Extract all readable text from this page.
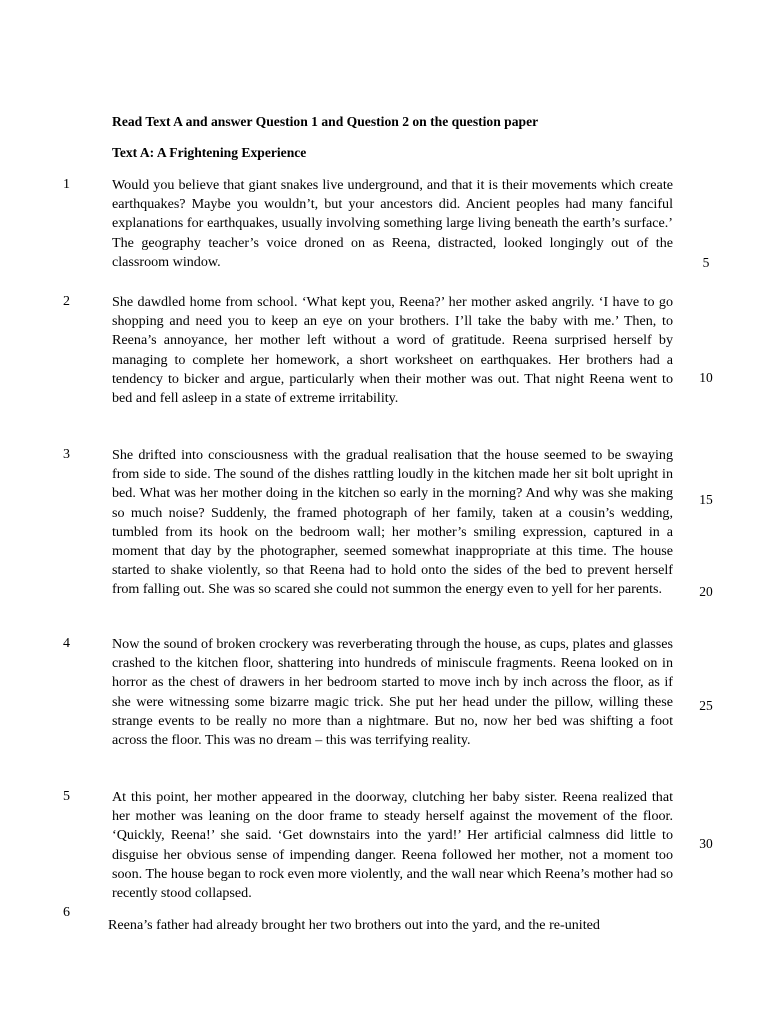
Read Text A and answer Question 1 and Question 2 on the question paper
Text A: A Frightening Experience
1	Would you believe that giant snakes live underground, and that it is their movements which create earthquakes? Maybe you wouldn’t, but your ancestors did. Ancient peoples had many fanciful explanations for earthquakes, usually involving something large living beneath the earth’s surface.’ The geography teacher’s voice droned on as Reena, distracted, looked longingly out of the classroom window.
2	She dawdled home from school. ‘What kept you, Reena?’ her mother asked angrily. ‘I have to go shopping and need you to keep an eye on your brothers. I’ll take the baby with me.’ Then, to Reena’s annoyance, her mother left without a word of gratitude. Reena surprised herself by managing to complete her homework, a short worksheet on earthquakes. Her brothers had a tendency to bicker and argue, particularly when their mother was out. That night Reena went to bed and fell asleep in a state of extreme irritability.
3	She drifted into consciousness with the gradual realisation that the house seemed to be swaying from side to side. The sound of the dishes rattling loudly in the kitchen made her sit bolt upright in bed. What was her mother doing in the kitchen so early in the morning? And why was she making so much noise? Suddenly, the framed photograph of her family, taken at a cousin’s wedding, tumbled from its hook on the bedroom wall; her mother’s smiling expression, captured in a moment that day by the photographer, seemed somewhat inappropriate at this time. The house started to shake violently, so that Reena had to hold onto the sides of the bed to prevent herself from falling out. She was so scared she could not summon the energy even to yell for her parents.
4	Now the sound of broken crockery was reverberating through the house, as cups, plates and glasses crashed to the kitchen floor, shattering into hundreds of miniscule fragments. Reena looked on in horror as the chest of drawers in her bedroom started to move inch by inch across the floor, as if she were witnessing some bizarre magic trick. She put her head under the pillow, willing these strange events to be really no more than a nightmare. But no, now her bed was shifting a foot across the floor. This was no dream – this was terrifying reality.
5	At this point, her mother appeared in the doorway, clutching her baby sister. Reena realized that her mother was leaning on the door frame to steady herself against the movement of the floor. ‘Quickly, Reena!’ she said. ‘Get downstairs into the yard!’ Her artificial calmness did little to disguise her obvious sense of impending danger. Reena followed her mother, not a moment too soon. The house began to rock even more violently, and the wall near which Reena’s mother had so recently stood collapsed.
6
Reena’s father had already brought her two brothers out into the yard, and the re-united
5
10
15
20
25
30
